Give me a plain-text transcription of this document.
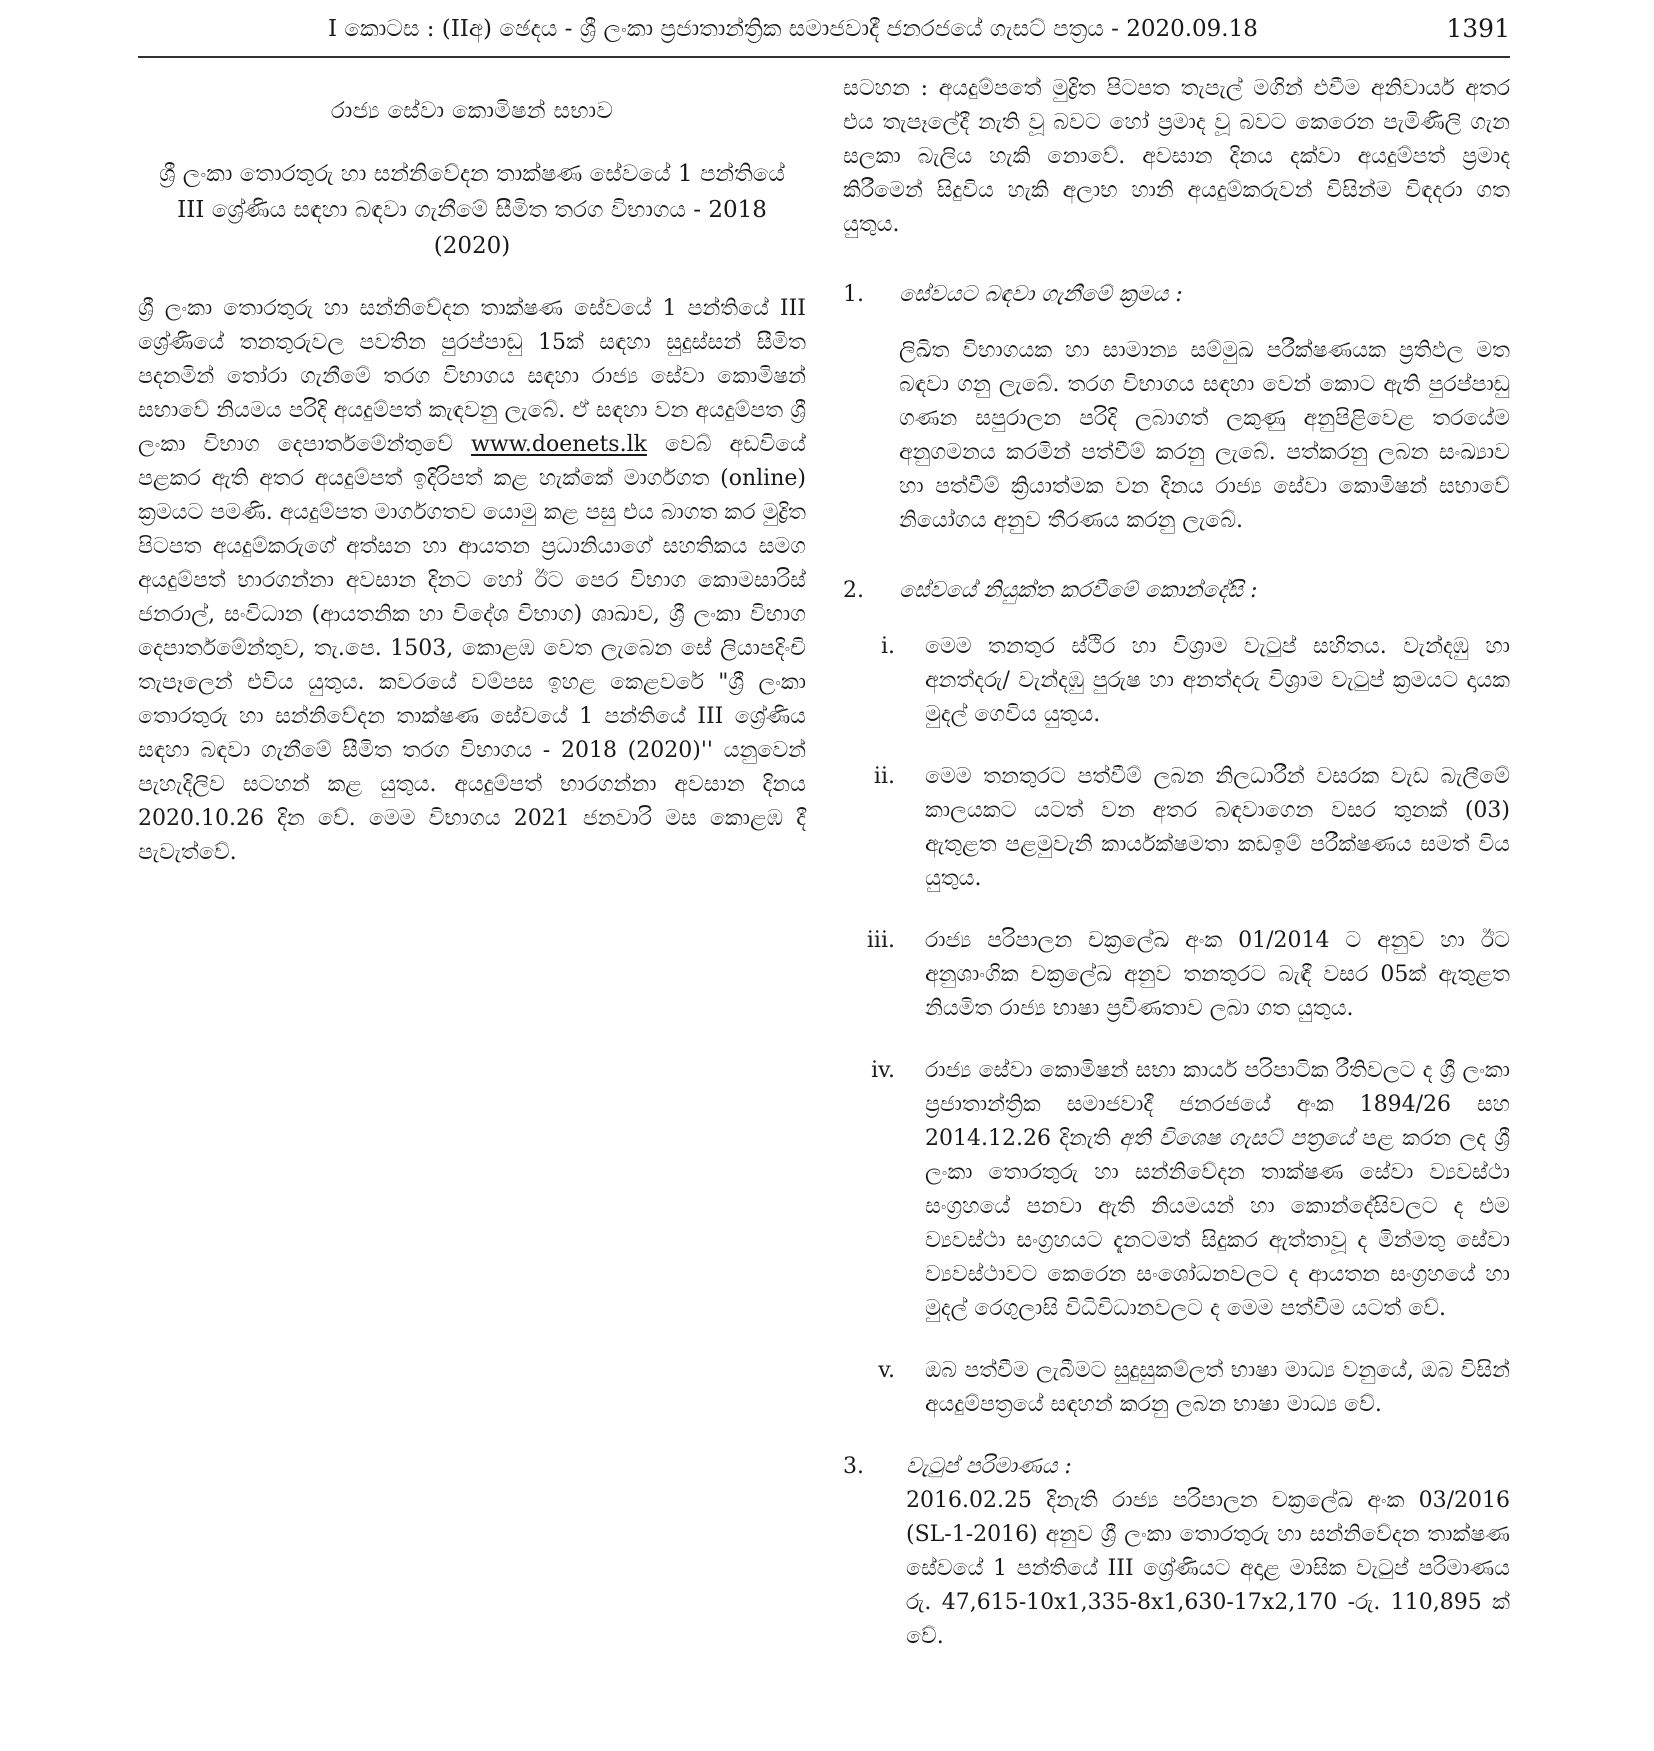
I කොටස : (IIඅ) ඡෙදය - ශ්‍රී ලංකා ප්‍රජාතාන්ත්‍රික සමාජවාදී ජනරජයේ ගැසට් පත්‍රය - 2020.09.18	1391
රාජ්‍ය සේවා කොමිෂන් සභාව
ශ්‍රී ලංකා තොරතුරු හා සන්නිවේදන තාක්ෂණ සේවයේ 1 පන්තියේ III ශ්‍රේණිය සඳහා බඳවා ගැනීමේ සීමිත තරග විභාගය - 2018 (2020)

ශ්‍රී ලංකා තොරතුරු හා සන්නිවේදන තාක්ෂණ සේවයේ 1 පන්තියේ III ශ්‍රේණියේ තනතුරුවල පවතින පුරප්පාඩු 15ක් සඳහා සුදුස්සන් සීමිත පදනමින් තෝරා ගැනීමේ තරග විභාගය සඳහා රාජ්‍ය සේවා කොමිෂන් සභාවේ නියමය පරිදි අයදුම්පත් කැඳවනු ලැබේ. ඒ සඳහා වන අයදුම්පත ශ්‍රී ලංකා විභාග දෙපාර්තමේන්තුවේ www.doenets.lk වෙබ් අඩවියේ පළකර ඇති අතර අයදුම්පත් ඉදිරිපත් කළ හැක්කේ මාර්ගගත (online) ක්‍රමයට පමණි. අයදුම්පත මාර්ගගතව යොමු කළ පසු එය බාගත කර මුද්‍රිත පිටපත අයදුම්කරුගේ අත්සන හා ආයතන ප්‍රධානියාගේ සහතිකය සමග අයදුම්පත් භාරගන්නා අවසාන දිනට හෝ ඊට පෙර විභාග කොමසාරිස් ජනරාල්, සංවිධාන (ආයතනික හා විදේශ විභාග) ශාඛාව, ශ්‍රී ලංකා විභාග දෙපාර්තමේන්තුව, තැ.පෙ. 1503, කොළඹ වෙත ලැබෙන සේ ලියාපදිංචි තැපෑලෙන් එවිය යුතුය. කවරයේ වම්පස ඉහළ කෙළවරේ "ශ්‍රී ලංකා තොරතුරු හා සන්නිවේදන තාක්ෂණ සේවයේ 1 පන්තියේ III ශ්‍රේණිය සඳහා බඳවා ගැනීමේ සීමිත තරග විභාගය - 2018 (2020)'' යනුවෙන් පැහැදිලිව සටහන් කළ යුතුය. අයදුම්පත් භාරගන්නා අවසාන දිනය 2020.10.26 දින වේ. මෙම විභාගය 2021 ජනවාරි මස කොළඹ දී පැවැත්වේ.

සටහන : අයදුම්පතේ මුද්‍රිත පිටපත තැපැල් මගින් එවීම අනිවාර්ය අතර එය තැපෑලේදී නැති වූ බවට හෝ ප්‍රමාද වූ බවට කෙරෙන පැමිණිලි ගැන සලකා බැලිය හැකි නොවේ. අවසාන දිනය දක්වා අයදුම්පත් ප්‍රමාද කිරීමෙන් සිදුවිය හැකි අලාභ හානි අයදුම්කරුවන් විසින්ම විඳදරා ගත යුතුය.

1. සේවයට බඳවා ගැනීමේ ක්‍රමය :

ලිඛිත විභාගයක හා සාමාන්‍ය සම්මුඛ පරීක්ෂණයක ප්‍රතිඵල මත බඳවා ගනු ලැබේ. තරග විභාගය සඳහා වෙන් කොට ඇති පුරප්පාඩු ගණන සපුරාලන පරිදි ලබාගත් ලකුණු අනුපිළිවෙළ තරයේම අනුගමනය කරමින් පත්වීම් කරනු ලැබේ. පත්කරනු ලබන සංඛ්‍යාව හා පත්වීම් ක්‍රියාත්මක වන දිනය රාජ්‍ය සේවා කොමිෂන් සභාවේ නියෝගය අනුව තීරණය කරනු ලැබේ.

2. සේවයේ නියුක්ත කරවීමේ කොන්දේසි :
i. මෙම තනතුර ස්ථිර හා විශ්‍රාම වැටුප් සහිතය. වැන්දඹු හා අනත්දරු/ වැන්දඹු පුරුෂ හා අනත්දරු විශ්‍රාම වැටුප් ක්‍රමයට දායක මුදල් ගෙවිය යුතුය.

ii. මෙම තනතුරට පත්වීම් ලබන නිලධාරීන් වසරක වැඩ බැලීමේ කාලයකට යටත් වන අතර බඳවාගෙන වසර තුනක් (03) ඇතුළත පළමුවැනි කාර්යක්ෂමතා කඩඉම් පරීක්ෂණය සමත් විය යුතුය.

iii. රාජ්‍ය පරිපාලන චක්‍රලේඛ අංක 01/2014 ට අනුව හා ඊට අනුශාංගික චක්‍රලේඛ අනුව තනතුරට බැඳී වසර 05ක් ඇතුළත නියමිත රාජ්‍ය භාෂා ප්‍රවීණතාව ලබා ගත යුතුය.

iv. රාජ්‍ය සේවා කොමිෂන් සභා කාර්ය පරිපාටික රීතිවලට ද ශ්‍රී ලංකා ප්‍රජාතාන්ත්‍රික සමාජවාදී ජනරජයේ අංක 1894/26 සහ 2014.12.26 දිනැති අති විශෙෂ ගැසට් පත්‍රයේ පළ කරන ලද ශ්‍රී ලංකා තොරතුරු හා සන්නිවේදන තාක්ෂණ සේවා ව්‍යවස්ථා සංග්‍රහයේ පනවා ඇති නියමයන් හා කොන්දේසිවලට ද එම ව්‍යවස්ථා සංග්‍රහයට දැනටමත් සිදුකර ඇත්තාවූ ද මින්මතු සේවා ව්‍යවස්ථාවට කෙරෙන සංශෝධනවලට ද ආයතන සංග්‍රහයේ හා මුදල් රෙගුලාසි විධිවිධානවලට ද මෙම පත්වීම යටත් වේ.

v. ඔබ පත්වීම ලැබීමට සුදුසුකම්ලත් භාෂා මාධ්‍ය වනුයේ, ඔබ විසින් අයදුම්පත්‍රයේ සඳහන් කරනු ලබන භාෂා මාධ්‍ය වේ.

3. වැටුප් පරිමාණය :

2016.02.25 දිනැති රාජ්‍ය පරිපාලන චක්‍රලේඛ අංක 03/2016 (SL-1-2016) අනුව ශ්‍රී ලංකා තොරතුරු හා සන්නිවේදන තාක්ෂණ සේවයේ 1 පන්තියේ III ශ්‍රේණියට අදාළ මාසික වැටුප් පරිමාණය රු. 47,615-10x1,335-8x1,630-17x2,170 -රු. 110,895 ක් වේ.
